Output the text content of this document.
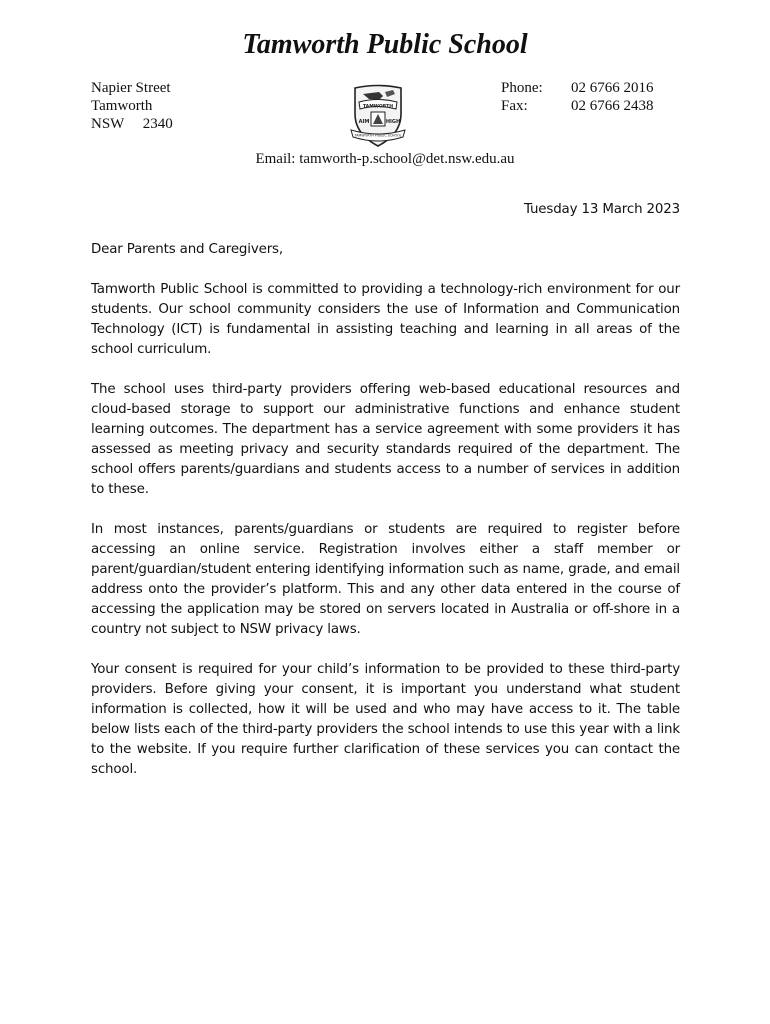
Tamworth Public School
Napier Street
Tamworth
NSW     2340
TAMWORTH
AIM	HIGH
TAMWORTH PUBLIC SCHOOL
Phone:	02 6766 2016
Fax:	02 6766 2438
Email: tamworth-p.school@det.nsw.edu.au
Tuesday 13 March 2023
Dear Parents and Caregivers,

Tamworth Public School is committed to providing a technology-rich environment for our students. Our school community considers the use of Information and Communication Technology (ICT) is fundamental in assisting teaching and learning in all areas of the school curriculum.

The school uses third-party providers offering web-based educational resources and cloud-based storage to support our administrative functions and enhance student learning outcomes. The department has a service agreement with some providers it has assessed as meeting privacy and security standards required of the department. The school offers parents/guardians and students access to a number of services in addition to these.

In most instances, parents/guardians or students are required to register before accessing an online service. Registration involves either a staff member or parent/guardian/student entering identifying information such as name, grade, and email address onto the provider’s platform. This and any other data entered in the course of accessing the application may be stored on servers located in Australia or off-shore in a country not subject to NSW privacy laws.

Your consent is required for your child’s information to be provided to these third-party providers. Before giving your consent, it is important you understand what student information is collected, how it will be used and who may have access to it. The table below lists each of the third-party providers the school intends to use this year with a link to the website. If you require further clarification of these services you can contact the school.
